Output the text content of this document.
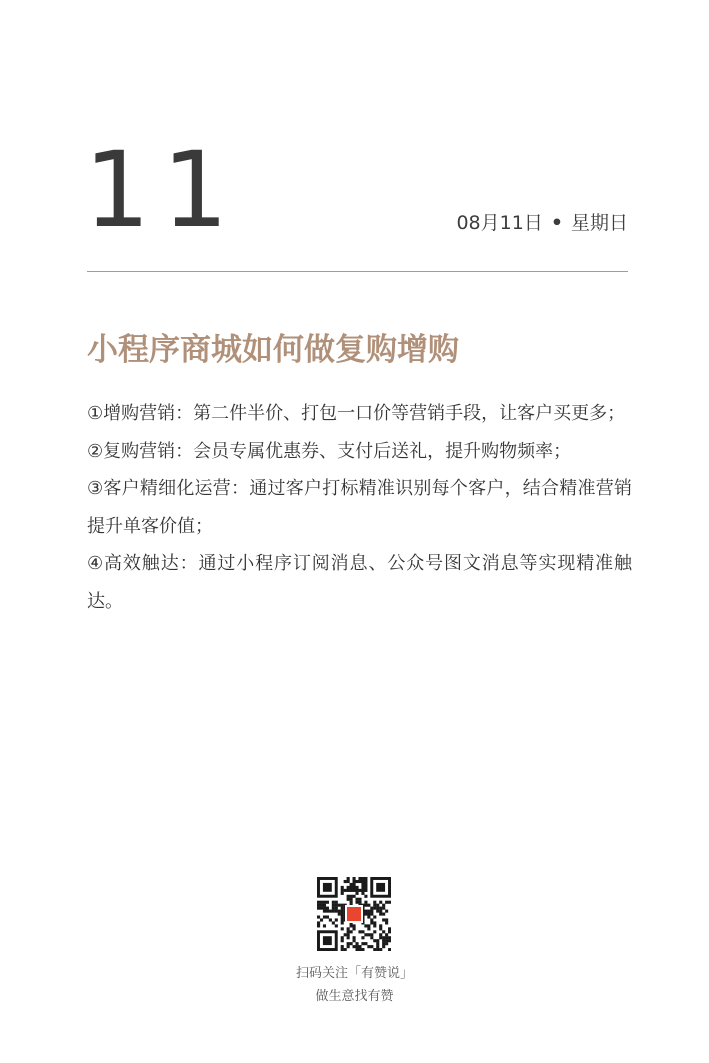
11	08月11日 • 星期日
小程序商城如何做复购增购

①增购营销：第二件半价、打包一口价等营销手段，让客户买更多；

②复购营销：会员专属优惠券、支付后送礼，提升购物频率；

③客户精细化运营：通过客户打标精准识别每个客户，结合精准营销提升单客价值；

④高效触达：通过小程序订阅消息、公众号图文消息等实现精准触达。

扫码关注「有赞说」
做生意找有赞
